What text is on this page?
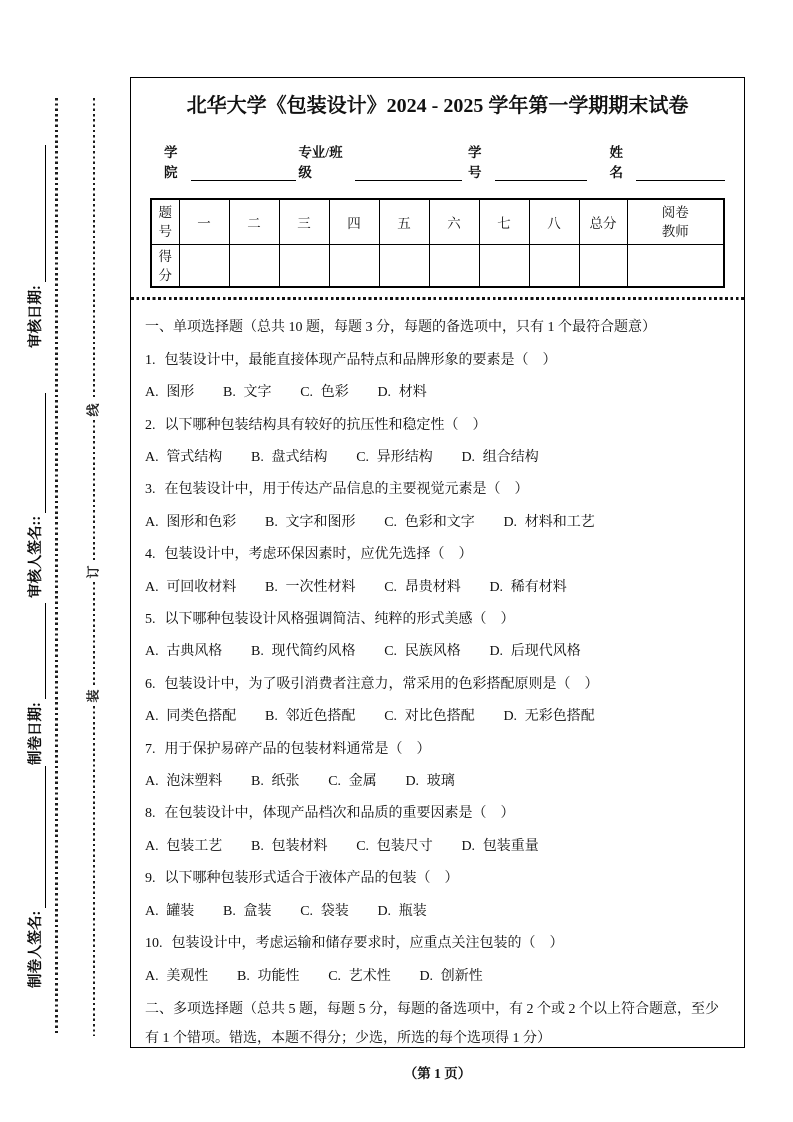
审核日期:
审核人签名::
制卷日期:
制卷人签名:
线
订
装
北华大学《包装设计》2024 - 2025 学年第一学期期末试卷
学院
专业/班级
学号
姓名
题号	一	二	三	四	五	六	七	八	总分	阅卷教师

得分										

一、单项选择题（总共 10 题，每题 3 分，每题的备选项中，只有 1 个最符合题意）

1. 包装设计中，最能直接体现产品特点和品牌形象的要素是（　）

A. 图形 B. 文字 C. 色彩 D. 材料

2. 以下哪种包装结构具有较好的抗压性和稳定性（　）

A. 管式结构 B. 盘式结构 C. 异形结构 D. 组合结构

3. 在包装设计中，用于传达产品信息的主要视觉元素是（　）

A. 图形和色彩 B. 文字和图形 C. 色彩和文字 D. 材料和工艺

4. 包装设计中，考虑环保因素时，应优先选择（　）

A. 可回收材料 B. 一次性材料 C. 昂贵材料 D. 稀有材料

5. 以下哪种包装设计风格强调简洁、纯粹的形式美感（　）

A. 古典风格 B. 现代简约风格 C. 民族风格 D. 后现代风格

6. 包装设计中，为了吸引消费者注意力，常采用的色彩搭配原则是（　）

A. 同类色搭配 B. 邻近色搭配 C. 对比色搭配 D. 无彩色搭配

7. 用于保护易碎产品的包装材料通常是（　）

A. 泡沫塑料 B. 纸张 C. 金属 D. 玻璃

8. 在包装设计中，体现产品档次和品质的重要因素是（　）

A. 包装工艺 B. 包装材料 C. 包装尺寸 D. 包装重量

9. 以下哪种包装形式适合于液体产品的包装（　）

A. 罐装 B. 盒装 C. 袋装 D. 瓶装

10. 包装设计中，考虑运输和储存要求时，应重点关注包装的（　）

A. 美观性 B. 功能性 C. 艺术性 D. 创新性

二、多项选择题（总共 5 题，每题 5 分，每题的备选项中，有 2 个或 2 个以上符合题意，至少有 1 个错项。错选，本题不得分；少选，所选的每个选项得 1 分）

（第 1 页）
